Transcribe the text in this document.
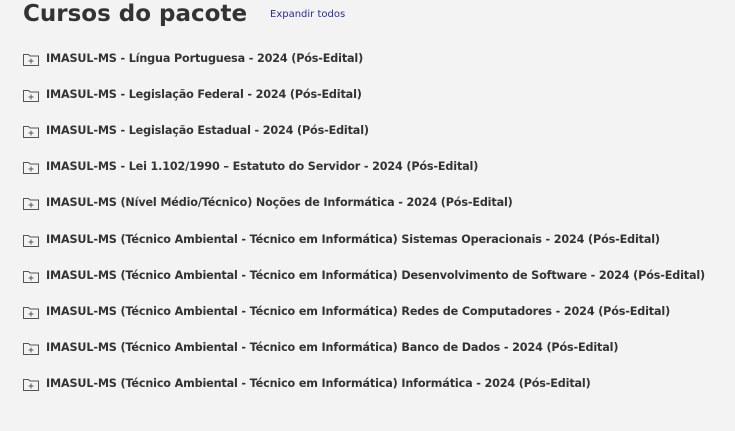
Cursos do pacote Expandir todos
IMASUL-MS - Língua Portuguesa - 2024 (Pós-Edital)
IMASUL-MS - Legislação Federal - 2024 (Pós-Edital)
IMASUL-MS - Legislação Estadual - 2024 (Pós-Edital)
IMASUL-MS - Lei 1.102/1990 – Estatuto do Servidor - 2024 (Pós-Edital)
IMASUL-MS (Nível Médio/Técnico) Noções de Informática - 2024 (Pós-Edital)
IMASUL-MS (Técnico Ambiental - Técnico em Informática) Sistemas Operacionais - 2024 (Pós-Edital)
IMASUL-MS (Técnico Ambiental - Técnico em Informática) Desenvolvimento de Software - 2024 (Pós-Edital)
IMASUL-MS (Técnico Ambiental - Técnico em Informática) Redes de Computadores - 2024 (Pós-Edital)
IMASUL-MS (Técnico Ambiental - Técnico em Informática) Banco de Dados - 2024 (Pós-Edital)
IMASUL-MS (Técnico Ambiental - Técnico em Informática) Informática - 2024 (Pós-Edital)
